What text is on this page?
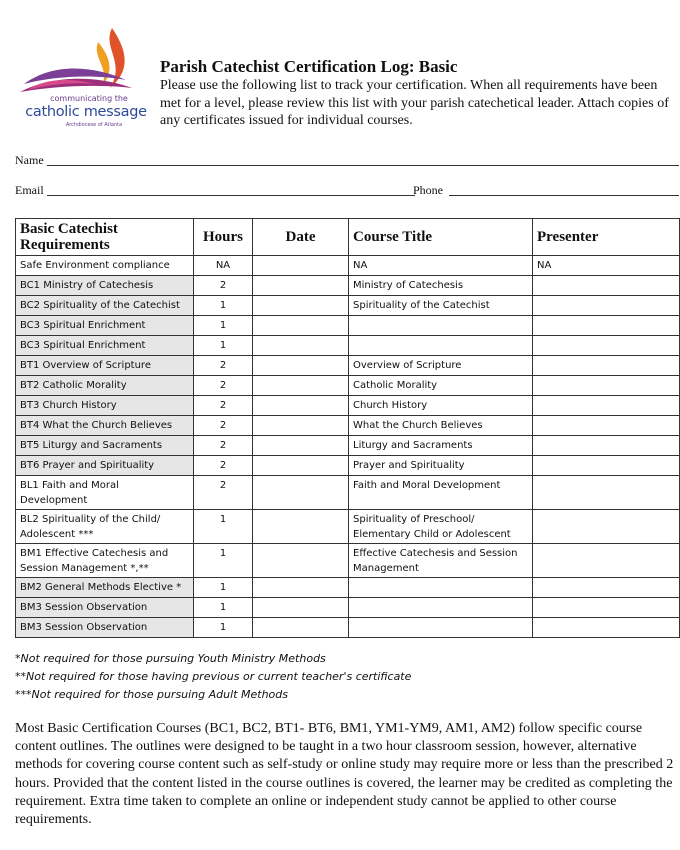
communicating the
catholic message
Archdiocese of Atlanta
Parish Catechist Certification Log: Basic
Please use the following list to track your certification. When all requirements have been met for a level, please review this list with your parish catechetical leader. Attach copies of any certificates issued for individual courses.
Name
Email	Phone
Basic Catechist Requirements	Hours	Date	Course Title	Presenter
Safe Environment compliance	NA		NA	NA
BC1 Ministry of Catechesis	2		Ministry of Catechesis	
BC2 Spirituality of the Catechist	1		Spirituality of the Catechist	
BC3 Spiritual Enrichment	1			
BC3 Spiritual Enrichment	1			
BT1 Overview of Scripture	2		Overview of Scripture	
BT2 Catholic Morality	2		Catholic Morality	
BT3 Church History	2		Church History	
BT4 What the Church Believes	2		What the Church Believes	
BT5 Liturgy and Sacraments	2		Liturgy and Sacraments	
BT6 Prayer and Spirituality	2		Prayer and Spirituality	
BL1 Faith and Moral Development	2		Faith and Moral Development	
BL2 Spirituality of the Child/ Adolescent ***	1		Spirituality of Preschool/ Elementary Child or Adolescent	
BM1 Effective Catechesis and Session Management *,**	1		Effective Catechesis and Session Management	
BM2 General Methods Elective *	1			
BM3 Session Observation	1			
BM3 Session Observation	1			
*Not required for those pursuing Youth Ministry Methods
**Not required for those having previous or current teacher's certificate
***Not required for those pursuing Adult Methods
Most Basic Certification Courses (BC1, BC2, BT1- BT6, BM1, YM1-YM9, AM1, AM2) follow specific course content outlines. The outlines were designed to be taught in a two hour classroom session, however, alternative methods for covering course content such as self-study or online study may require more or less than the prescribed 2 hours. Provided that the content listed in the course outlines is covered, the learner may be credited as completing the requirement. Extra time taken to complete an online or independent study cannot be applied to other course requirements.
